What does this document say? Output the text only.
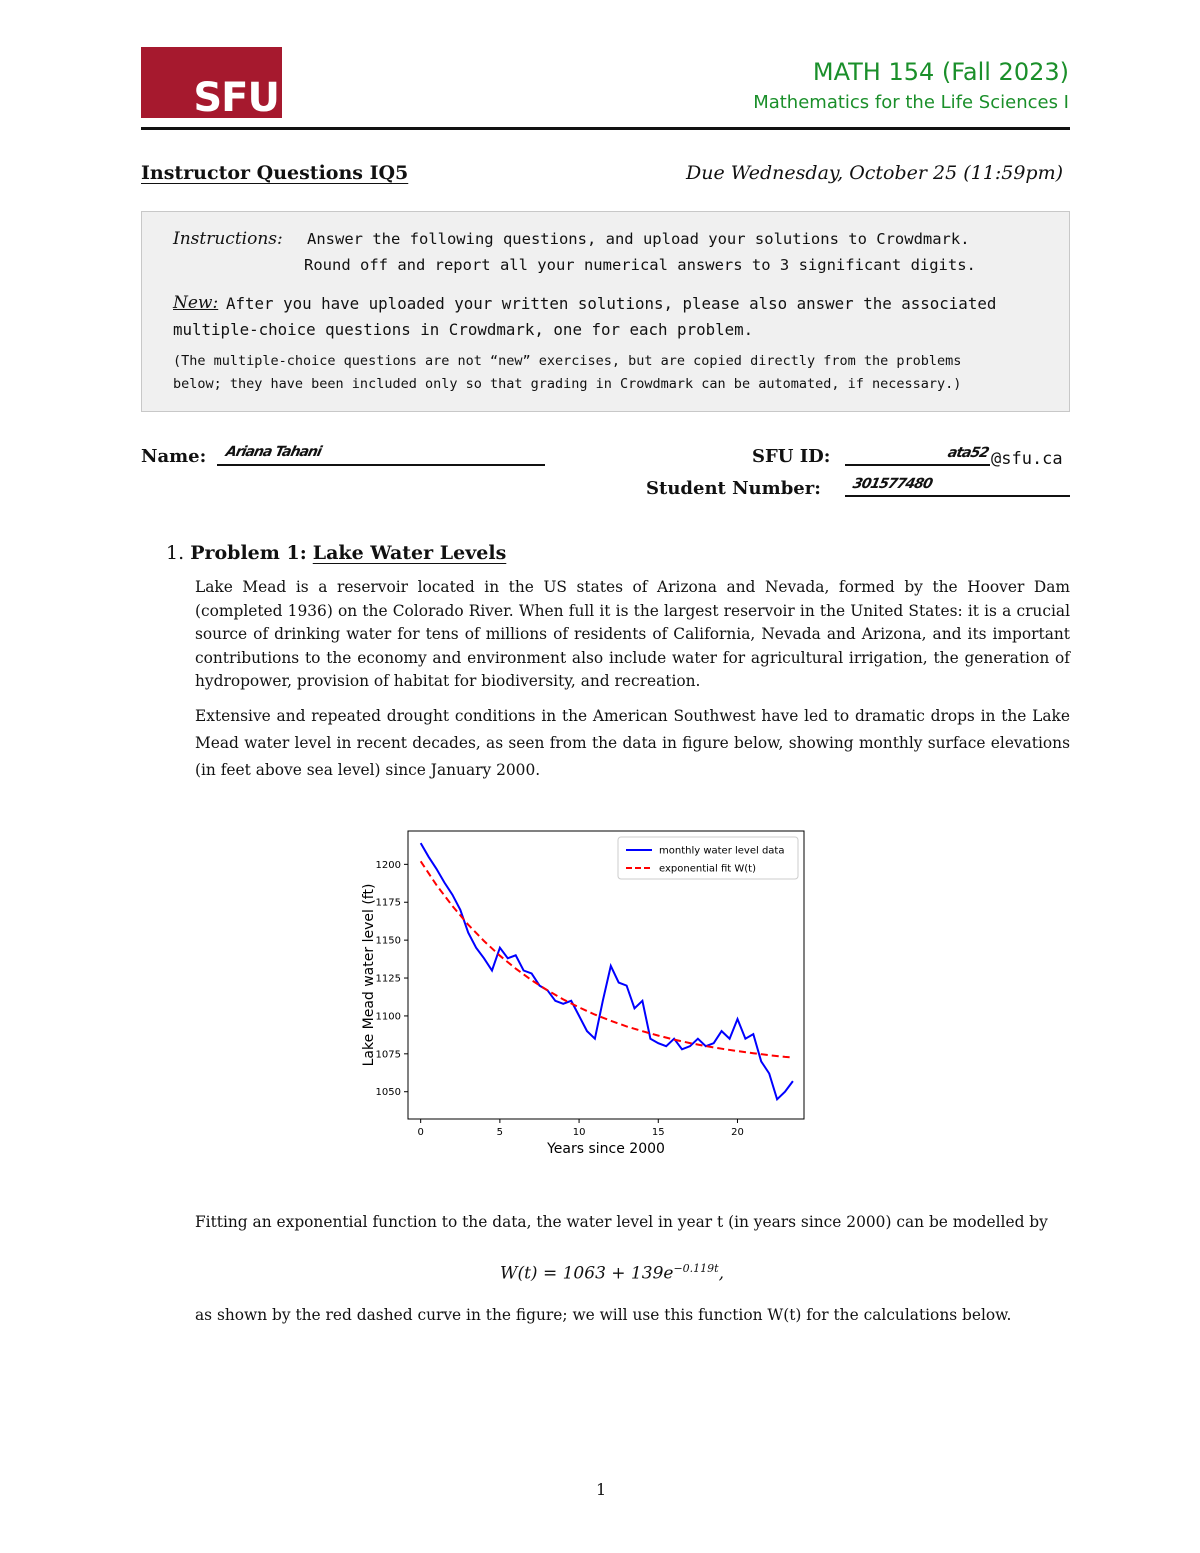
SFU
MATH 154 (Fall 2023)
Mathematics for the Life Sciences I
Instructor Questions IQ5	Due Wednesday, October 25 (11:59pm)
Instructions: Answer the following questions, and upload your solutions to Crowdmark.
Round off and report all your numerical answers to 3 significant digits.
New: After you have uploaded your written solutions, please also answer the associated
multiple-choice questions in Crowdmark, one for each problem.
(The multiple-choice questions are not “new” exercises, but are copied directly from the problems
below; they have been included only so that grading in Crowdmark can be automated, if necessary.)
Name: Ariana Tahani	SFU ID:	ata52 @sfu.ca
Student Number: 301577480
1. Problem 1: Lake Water Levels
Lake Mead is a reservoir located in the US states of Arizona and Nevada, formed by the Hoover Dam (completed 1936) on the Colorado River. When full it is the largest reservoir in the United States: it is a crucial source of drinking water for tens of millions of residents of California, Nevada and Arizona, and its important contributions to the economy and environment also include water for agricultural irrigation, the generation of hydropower, provision of habitat for biodiversity, and recreation.
Extensive and repeated drought conditions in the American Southwest have led to dramatic drops in the Lake Mead water level in recent decades, as seen from the data in figure below, showing monthly surface elevations (in feet above sea level) since January 2000.
0	5	10	15	20
1050
1075
1100
1125
1150
1175
1200
Years since 2000
Lake Mead water level (ft)
monthly water level data
exponential fit W(t)
Fitting an exponential function to the data, the water level in year t (in years since 2000) can be modelled by
$W(t) = 1063 + 139e^{-0.119t}$,
as shown by the red dashed curve in the figure; we will use this function W(t) for the calculations below.
1
